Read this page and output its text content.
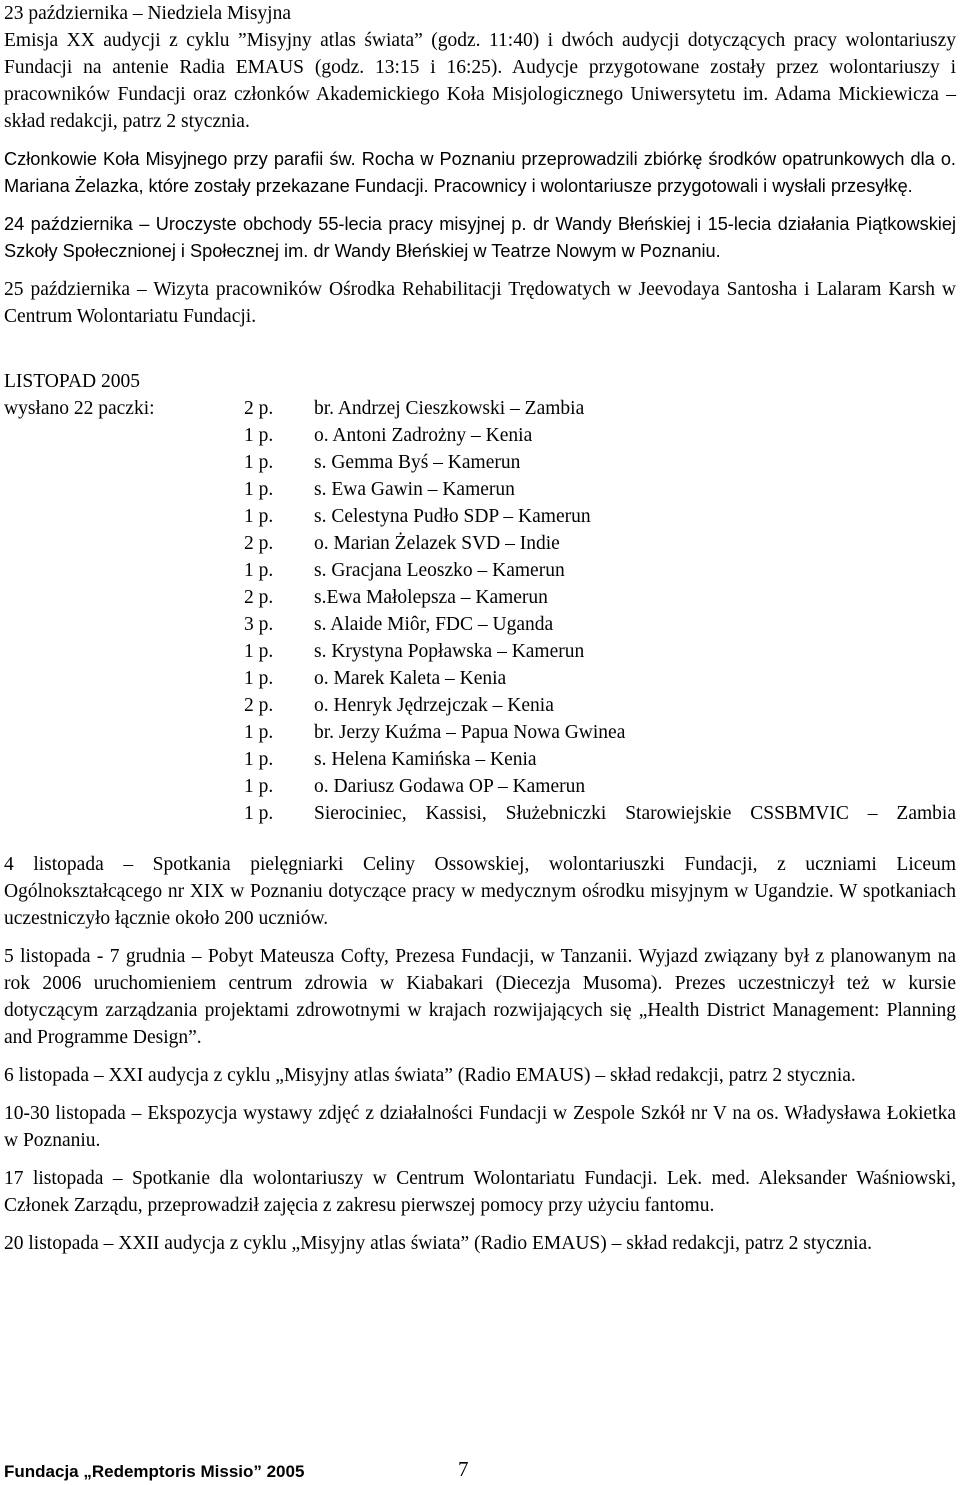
23 października – Niedziela Misyjna
Emisja XX audycji z cyklu ”Misyjny atlas świata” (godz. 11:40) i dwóch audycji dotyczących pracy wolontariuszy Fundacji na antenie Radia EMAUS (godz. 13:15 i 16:25). Audycje przygotowane zostały przez wolontariuszy i pracowników Fundacji oraz członków Akademickiego Koła Misjologicznego Uniwersytetu im. Adama Mickiewicza – skład redakcji, patrz 2 stycznia.
Członkowie Koła Misyjnego przy parafii św. Rocha w Poznaniu przeprowadzili zbiórkę środków opatrunkowych dla o. Mariana Żelazka, które zostały przekazane Fundacji. Pracownicy i wolontariusze przygotowali i wysłali przesyłkę.
24 października – Uroczyste obchody 55-lecia pracy misyjnej p. dr Wandy Błeńskiej i 15-lecia działania Piątkowskiej Szkoły Społecznionej i Społecznej im. dr Wandy Błeńskiej w Teatrze Nowym w Poznaniu.
25 października – Wizyta pracowników Ośrodka Rehabilitacji Trędowatych w Jeevodaya Santosha i Lalaram Karsh w Centrum Wolontariatu Fundacji.
LISTOPAD 2005
wysłano 22 paczki:	2 p.	br. Andrzej Cieszkowski – Zambia
1 p.	o. Antoni Zadrożny – Kenia
1 p.	s. Gemma Byś – Kamerun
1 p.	s. Ewa Gawin – Kamerun
1 p.	s. Celestyna Pudło SDP – Kamerun
2 p.	o. Marian Żelazek SVD – Indie
1 p.	s. Gracjana Leoszko – Kamerun
2 p.	s.Ewa Małolepsza – Kamerun
3 p.	s. Alaide Miôr, FDC – Uganda
1 p.	s. Krystyna Popławska – Kamerun
1 p.	o. Marek Kaleta – Kenia
2 p.	o. Henryk Jędrzejczak – Kenia
1 p.	br. Jerzy Kuźma – Papua Nowa Gwinea
1 p.	s. Helena Kamińska – Kenia
1 p.	o. Dariusz Godawa OP – Kamerun
1 p.	Sierociniec, Kassisi, Służebniczki Starowiejskie CSSBMVIC – Zambia
4 listopada – Spotkania pielęgniarki Celiny Ossowskiej, wolontariuszki Fundacji, z uczniami Liceum Ogólnokształcącego nr XIX w Poznaniu dotyczące pracy w medycznym ośrodku misyjnym w Ugandzie. W spotkaniach uczestniczyło łącznie około 200 uczniów.
5 listopada - 7 grudnia – Pobyt Mateusza Cofty, Prezesa Fundacji, w Tanzanii. Wyjazd związany był z planowanym na rok 2006 uruchomieniem centrum zdrowia w Kiabakari (Diecezja Musoma). Prezes uczestniczył też w kursie dotyczącym zarządzania projektami zdrowotnymi w krajach rozwijających się „Health District Management: Planning and Programme Design”.
6 listopada – XXI audycja z cyklu „Misyjny atlas świata” (Radio EMAUS) – skład redakcji, patrz 2 stycznia.
10-30 listopada – Ekspozycja wystawy zdjęć z działalności Fundacji w Zespole Szkół nr V na os. Władysława Łokietka w Poznaniu.
17 listopada – Spotkanie dla wolontariuszy w Centrum Wolontariatu Fundacji. Lek. med. Aleksander Waśniowski, Członek Zarządu, przeprowadził zajęcia z zakresu pierwszej pomocy przy użyciu fantomu.
20 listopada – XXII audycja z cyklu „Misyjny atlas świata” (Radio EMAUS) – skład redakcji, patrz 2 stycznia.
Fundacja „Redemptoris Missio” 2005	7
